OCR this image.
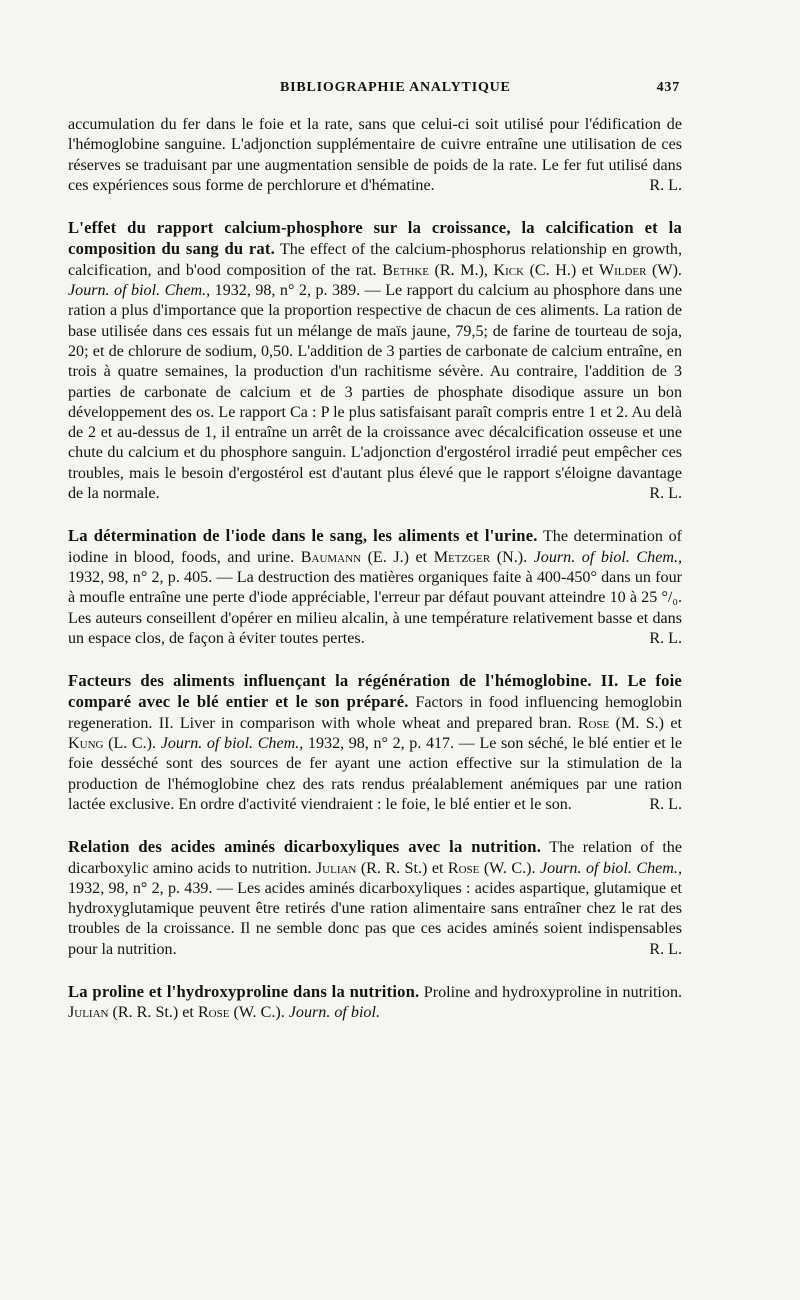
BIBLIOGRAPHIE ANALYTIQUE	437

accumulation du fer dans le foie et la rate, sans que celui-ci soit utilisé pour l'édification de l'hémoglobine sanguine. L'adjonction supplémentaire de cuivre entraîne une utilisation de ces réserves se traduisant par une augmentation sensible de poids de la rate. Le fer fut utilisé dans ces expériences sous forme de perchlorure et d'hématine.	R. L.

L'effet du rapport calcium-phosphore sur la croissance, la calcification et la composition du sang du rat. The effect of the calcium-phosphorus relationship en growth, calcification, and b'ood composition of the rat. Bethke (R. M.), Kick (C. H.) et Wilder (W). Journ. of biol. Chem., 1932, 98, n° 2, p. 389. — Le rapport du calcium au phosphore dans une ration a plus d'importance que la proportion respective de chacun de ces aliments. La ration de base utilisée dans ces essais fut un mélange de maïs jaune, 79,5; de farine de tourteau de soja, 20; et de chlorure de sodium, 0,50. L'addition de 3 parties de carbonate de calcium entraîne, en trois à quatre semaines, la production d'un rachitisme sévère. Au contraire, l'addition de 3 parties de carbonate de calcium et de 3 parties de phosphate disodique assure un bon développement des os. Le rapport Ca : P le plus satisfaisant paraît compris entre 1 et 2. Au delà de 2 et au-dessus de 1, il entraîne un arrêt de la croissance avec décalcification osseuse et une chute du calcium et du phosphore sanguin. L'adjonction d'ergostérol irradié peut empêcher ces troubles, mais le besoin d'ergostérol est d'autant plus élevé que le rapport s'éloigne davantage de la normale.	R. L.

La détermination de l'iode dans le sang, les aliments et l'urine. The determination of iodine in blood, foods, and urine. Baumann (E. J.) et Metzger (N.). Journ. of biol. Chem., 1932, 98, n° 2, p. 405. — La destruction des matières organiques faite à 400-450° dans un four à moufle entraîne une perte d'iode appréciable, l'erreur par défaut pouvant atteindre 10 à 25 °/₀. Les auteurs conseillent d'opérer en milieu alcalin, à une température relativement basse et dans un espace clos, de façon à éviter toutes pertes.	R. L.

Facteurs des aliments influençant la régénération de l'hémoglobine. II. Le foie comparé avec le blé entier et le son préparé. Factors in food influencing hemoglobin regeneration. II. Liver in comparison with whole wheat and prepared bran. Rose (M. S.) et Kung (L. C.). Journ. of biol. Chem., 1932, 98, n° 2, p. 417. — Le son séché, le blé entier et le foie desséché sont des sources de fer ayant une action effective sur la stimulation de la production de l'hémoglobine chez des rats rendus préalablement anémiques par une ration lactée exclusive. En ordre d'activité viendraient : le foie, le blé entier et le son.	R. L.

Relation des acides aminés dicarboxyliques avec la nutrition. The relation of the dicarboxylic amino acids to nutrition. Julian (R. R. St.) et Rose (W. C.). Journ. of biol. Chem., 1932, 98, n° 2, p. 439. — Les acides aminés dicarboxyliques : acides aspartique, glutamique et hydroxyglutamique peuvent être retirés d'une ration alimentaire sans entraîner chez le rat des troubles de la croissance. Il ne semble donc pas que ces acides aminés soient indispensables pour la nutrition.	R. L.

La proline et l'hydroxyproline dans la nutrition. Proline and hydroxyproline in nutrition. Julian (R. R. St.) et Rose (W. C.). Journ. of biol.
